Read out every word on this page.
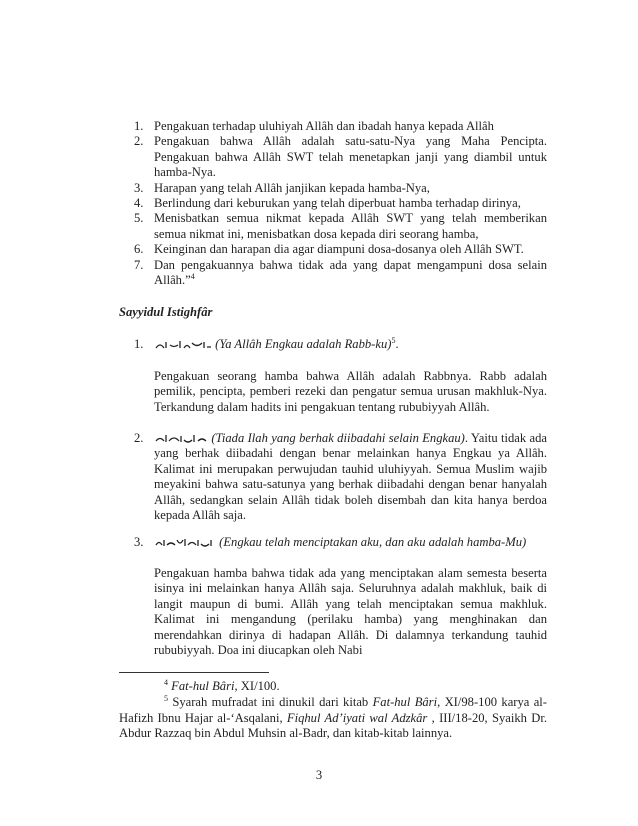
1. Pengakuan terhadap uluhiyah Allâh dan ibadah hanya kepada Allâh
2. Pengakuan bahwa Allâh adalah satu-satu-Nya yang Maha Pencipta. Pengakuan bahwa Allâh SWT telah menetapkan janji yang diambil untuk hamba-Nya.
3. Harapan yang telah Allâh janjikan kepada hamba-Nya,
4. Berlindung dari keburukan yang telah diperbuat hamba terhadap dirinya,
5. Menisbatkan semua nikmat kepada Allâh SWT yang telah memberikan semua nikmat ini, menisbatkan dosa kepada diri seorang hamba,
6. Keinginan dan harapan dia agar diampuni dosa-dosanya oleh Allâh SWT.
7. Dan pengakuannya bahwa tidak ada yang dapat mengampuni dosa selain Allâh.”$^4$
Sayyidul Istighfâr
1.	(Ya Allâh Engkau adalah Rabb-ku)$^5$.
Pengakuan seorang hamba bahwa Allâh adalah Rabbnya. Rabb adalah pemilik, pencipta, pemberi rezeki dan pengatur semua urusan makhluk-Nya. Terkandung dalam hadits ini pengakuan tentang rububiyyah Allâh.
2.	(Tiada Ilah yang berhak diibadahi selain Engkau). Yaitu tidak ada yang berhak diibadahi dengan benar melainkan hanya Engkau ya Allâh. Kalimat ini merupakan perwujudan tauhid uluhiyyah. Semua Muslim wajib meyakini bahwa satu-satunya yang berhak diibadahi dengan benar hanyalah Allâh, sedangkan selain Allâh tidak boleh disembah dan kita hanya berdoa kepada Allâh saja.
3.	(Engkau telah menciptakan aku, dan aku adalah hamba-Mu)
Pengakuan hamba bahwa tidak ada yang menciptakan alam semesta beserta isinya ini melainkan hanya Allâh saja. Seluruhnya adalah makhluk, baik di langit maupun di bumi. Allâh yang telah menciptakan semua makhluk. Kalimat ini mengandung (perilaku hamba) yang menghinakan dan merendahkan dirinya di hadapan Allâh. Di dalamnya terkandung tauhid rububiyyah. Doa ini diucapkan oleh Nabi
$^4$ Fat-hul Bâri, XI/100.
$^5$ Syarah mufradat ini dinukil dari kitab Fat-hul Bâri, XI/98-100 karya al-Hafizh Ibnu Hajar al-‘Asqalani, Fiqhul Ad’iyati wal Adzkâr , III/18-20, Syaikh Dr. Abdur Razzaq bin Abdul Muhsin al-Badr, dan kitab-kitab lainnya.
3
